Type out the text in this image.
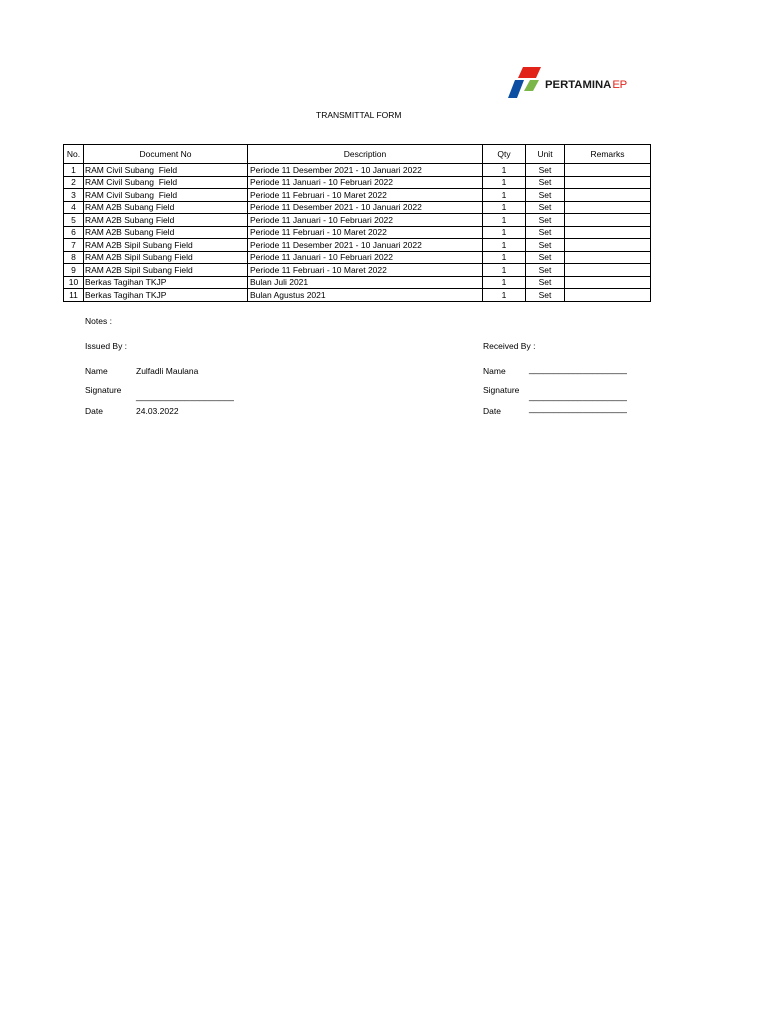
PERTAMINAEP
TRANSMITTAL FORM
No.	Document No	Description	Qty	Unit	Remarks
1	RAM Civil Subang  Field	Periode 11 Desember 2021 - 10 Januari 2022	1	Set
2	RAM Civil Subang  Field	Periode 11 Januari - 10 Februari 2022	1	Set
3	RAM Civil Subang  Field	Periode 11 Februari - 10 Maret 2022	1	Set
4	RAM A2B Subang Field	Periode 11 Desember 2021 - 10 Januari 2022	1	Set
5	RAM A2B Subang Field	Periode 11 Januari - 10 Februari 2022	1	Set
6	RAM A2B Subang Field	Periode 11 Februari - 10 Maret 2022	1	Set
7	RAM A2B Sipil Subang Field	Periode 11 Desember 2021 - 10 Januari 2022	1	Set
8	RAM A2B Sipil Subang Field	Periode 11 Januari - 10 Februari 2022	1	Set
9	RAM A2B Sipil Subang Field	Periode 11 Februari - 10 Maret 2022	1	Set
10 Berkas Tagihan TKJP	Bulan Juli 2021	1	Set
11 Berkas Tagihan TKJP	Bulan Agustus 2021	1	Set
Notes :
Issued By :
Name	Zulfadli Maulana
Signature
____________________
Date	24.03.2022
Received By :
Name	____________________
Signature
____________________
Date	____________________
